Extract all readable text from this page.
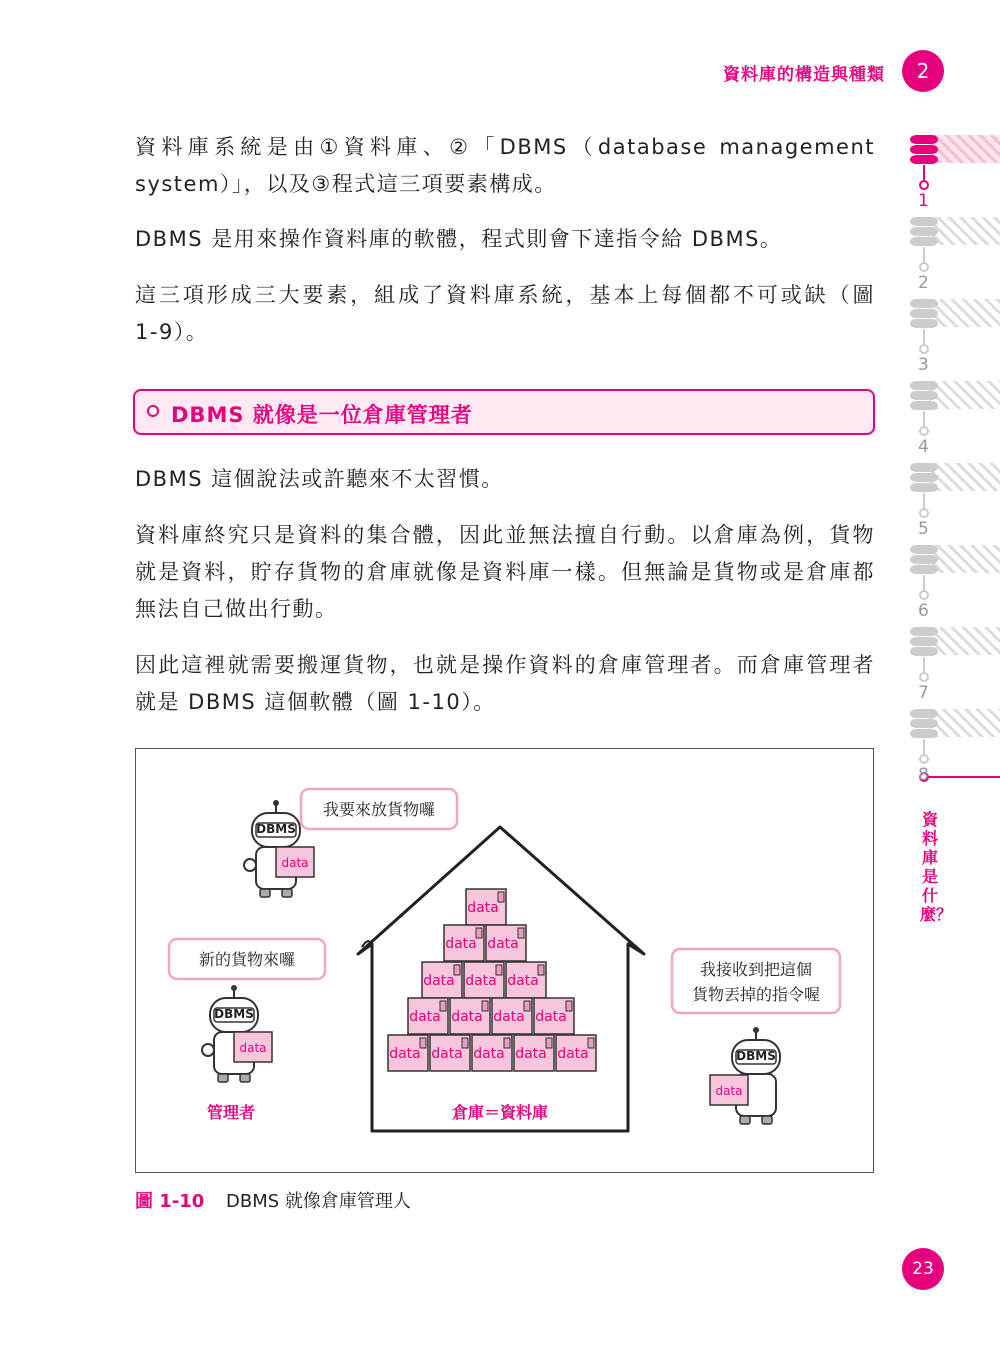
資料庫的構造與種類	2
資料庫系統是由①資料庫、②「DBMS（database management
system）」，以及③程式這三項要素構成。
DBMS 是用來操作資料庫的軟體，程式則會下達指令給 DBMS。
這三項形成三大要素，組成了資料庫系統，基本上每個都不可或缺（圖
1-9）。
DBMS 就像是一位倉庫管理者
DBMS 這個說法或許聽來不太習慣。
資料庫終究只是資料的集合體，因此並無法擅自行動。以倉庫為例，貨物
就是資料，貯存貨物的倉庫就像是資料庫一樣。但無論是貨物或是倉庫都
無法自己做出行動。
因此這裡就需要搬運貨物，也就是操作資料的倉庫管理者。而倉庫管理者
就是 DBMS 這個軟體（圖 1-10）。
DBMS
DBMS
DBMS
data
data
data
data
data data
data data data
data data data data
data data data data data
我要來放貨物囉
新的貨物來囉
我接收到把這個
貨物丟掉的指令喔
管理者	倉庫＝資料庫
圖 1-10 DBMS 就像倉庫管理人
23
1
2
3
4
5
6
7
8
資料庫是什麼？
